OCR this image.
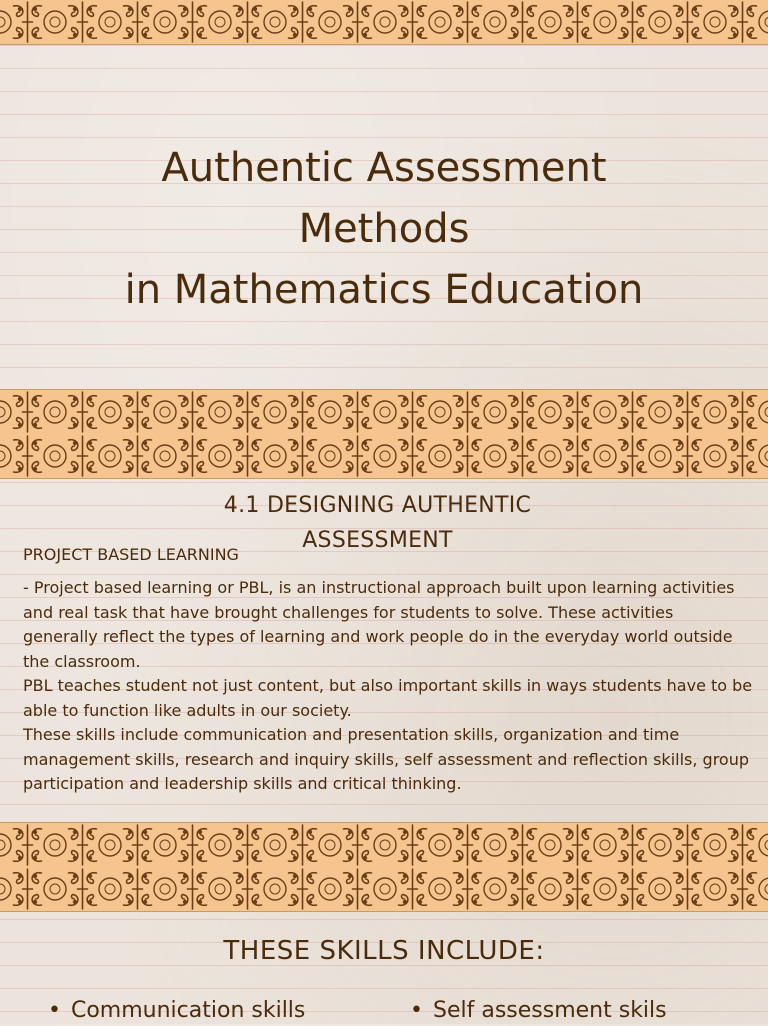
Authentic Assessment
Methods
in Mathematics Education
4.1 DESIGNING AUTHENTIC ASSESSMENT
PROJECT BASED LEARNING

- Project based learning or PBL, is an instructional approach built upon learning activities and real task that have brought challenges for students to solve. These activities generally reflect the types of learning and work people do in the everyday world outside the classroom.

PBL teaches student not just content, but also important skills in ways students have to be able to function like adults in our society.

These skills include communication and presentation skills, organization and time management skills, research and inquiry skills, self assessment and reflection skills, group participation and leadership skills and critical thinking.

THESE SKILLS INCLUDE:
• Communication skills	• Self assessment skils
